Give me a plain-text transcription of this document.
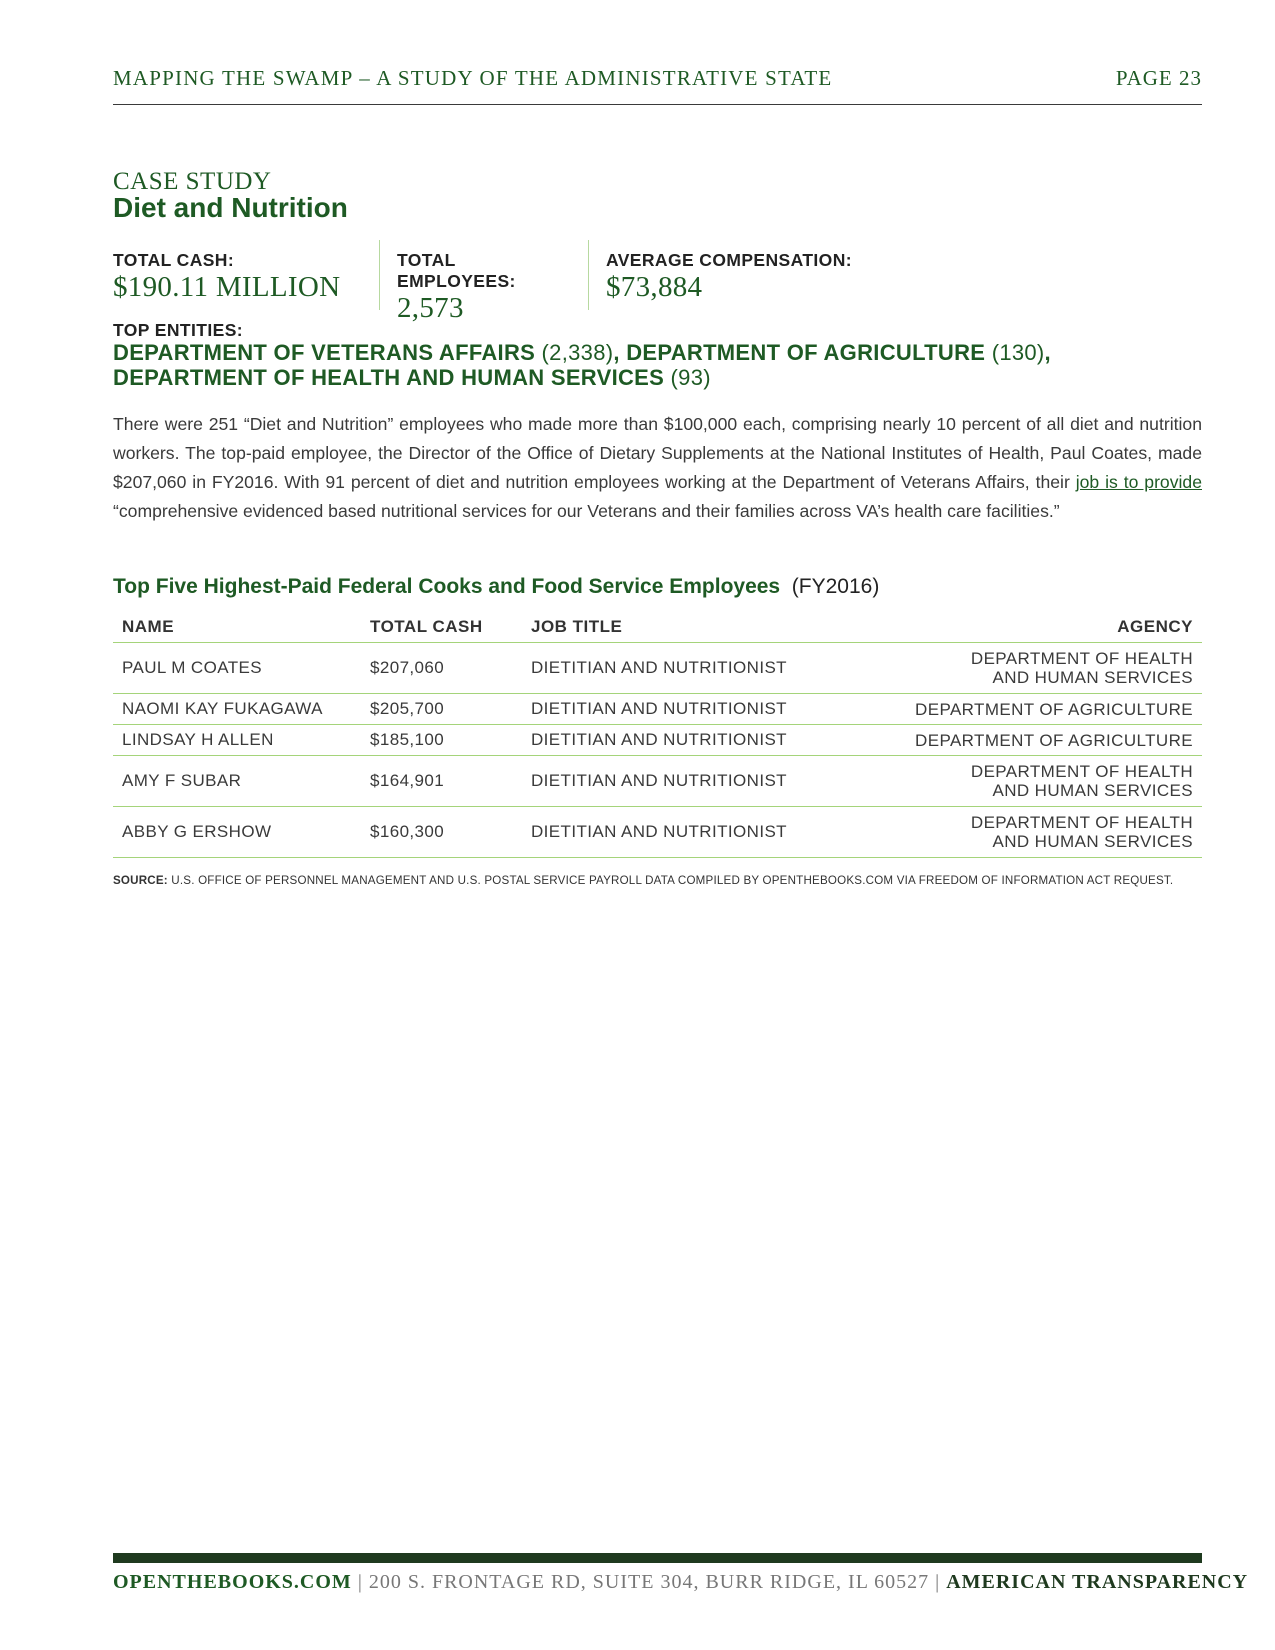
MAPPING THE SWAMP – A STUDY OF THE ADMINISTRATIVE STATE	PAGE 23
CASE STUDY
Diet and Nutrition
TOTAL CASH:
$190.11 MILLION
TOTAL EMPLOYEES:
2,573
AVERAGE COMPENSATION:
$73,884
TOP ENTITIES:
DEPARTMENT OF VETERANS AFFAIRS (2,338), DEPARTMENT OF AGRICULTURE (130),
DEPARTMENT OF HEALTH AND HUMAN SERVICES (93)
There were 251 “Diet and Nutrition” employees who made more than $100,000 each, comprising nearly 10 percent of all diet and nutrition workers. The top-paid employee, the Director of the Office of Dietary Supplements at the National Institutes of Health, Paul Coates, made $207,060 in FY2016. With 91 percent of diet and nutrition employees working at the Department of Veterans Affairs, their job is to provide “comprehensive evidenced based nutritional services for our Veterans and their families across VA’s health care facilities.”
Top Five Highest-Paid Federal Cooks and Food Service Employees (FY2016)
NAME	TOTAL CASH	JOB TITLE	AGENCY
PAUL M COATES	$207,060	DIETITIAN AND NUTRITIONIST	DEPARTMENT OF HEALTH
AND HUMAN SERVICES

NAOMI KAY FUKAGAWA	$205,700	DIETITIAN AND NUTRITIONIST	DEPARTMENT OF AGRICULTURE
LINDSAY H ALLEN	$185,100	DIETITIAN AND NUTRITIONIST	DEPARTMENT OF AGRICULTURE
AMY F SUBAR	$164,901	DIETITIAN AND NUTRITIONIST	DEPARTMENT OF HEALTH
AND HUMAN SERVICES

ABBY G ERSHOW	$160,300	DIETITIAN AND NUTRITIONIST	DEPARTMENT OF HEALTH
AND HUMAN SERVICES
SOURCE: U.S. OFFICE OF PERSONNEL MANAGEMENT AND U.S. POSTAL SERVICE PAYROLL DATA COMPILED BY OPENTHEBOOKS.COM VIA FREEDOM OF INFORMATION ACT REQUEST.
OPENTHEBOOKS.COM | 200 S. FRONTAGE RD, SUITE 304, BURR RIDGE, IL 60527 | AMERICAN TRANSPARENCY
